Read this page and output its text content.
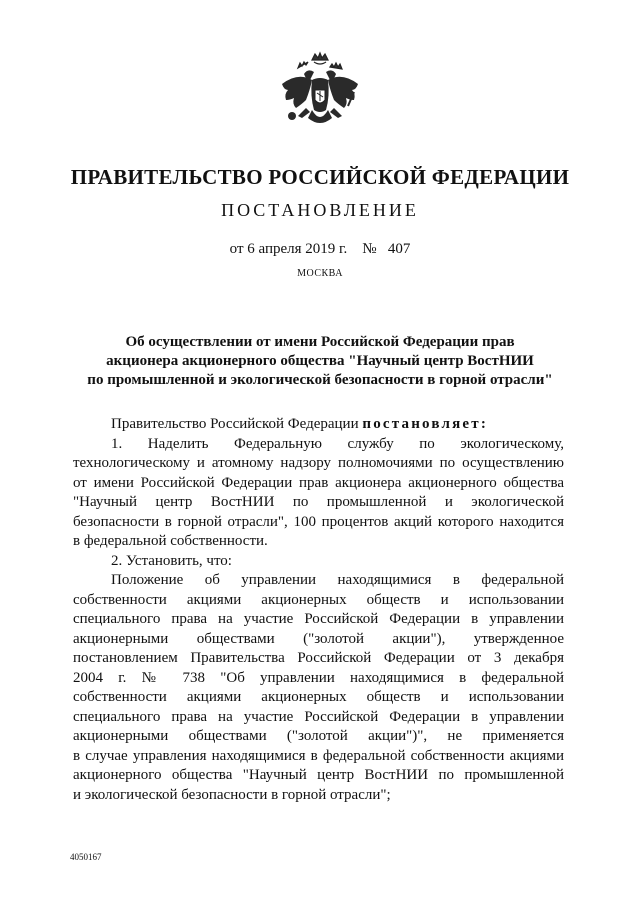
ПРАВИТЕЛЬСТВО РОССИЙСКОЙ ФЕДЕРАЦИИ
ПОСТАНОВЛЕНИЕ
от 6 апреля 2019 г. № 407
МОСКВА
Об осуществлении от имени Российской Федерации прав
акционера акционерного общества "Научный центр ВостНИИ
по промышленной и экологической безопасности в горной отрасли"
Правительство Российской Федерации постановляет:
1. Наделить Федеральную службу по экологическому,
технологическому и атомному надзору полномочиями по осуществлению
от имени Российской Федерации прав акционера акционерного общества
"Научный центр ВостНИИ по промышленной и экологической
безопасности в горной отрасли", 100 процентов акций которого находится
в федеральной собственности.
2. Установить, что:
Положение об управлении находящимися в федеральной
собственности акциями акционерных обществ и использовании
специального права на участие Российской Федерации в управлении
акционерными обществами ("золотой акции"), утвержденное
постановлением Правительства Российской Федерации от 3 декабря
2004 г. № 738 "Об управлении находящимися в федеральной
собственности акциями акционерных обществ и использовании
специального права на участие Российской Федерации в управлении
акционерными обществами ("золотой акции")", не применяется
в случае управления находящимися в федеральной собственности акциями
акционерного общества "Научный центр ВостНИИ по промышленной
и экологической безопасности в горной отрасли";
4050167
